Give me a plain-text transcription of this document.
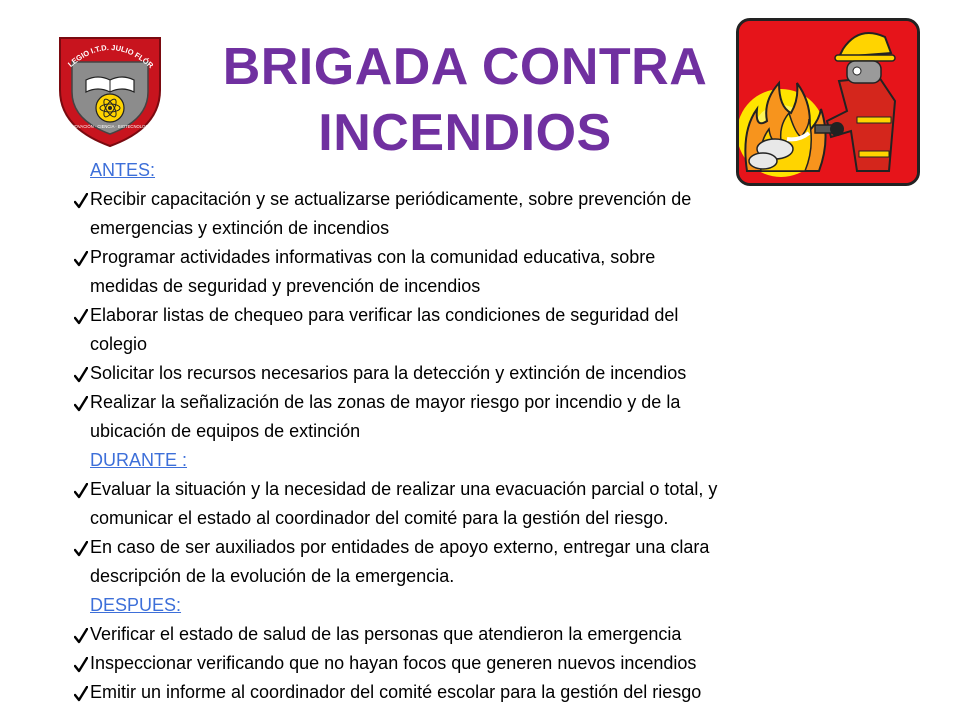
LEGIO I.T.D. JULIO FLÓR
INNOVACIÓN · CIENCIA · BIOTECNOLOGÍA
BRIGADA CONTRA
INCENDIOS
ANTES:
Recibir capacitación y se actualizarse periódicamente, sobre prevención de
emergencias y extinción de incendios
Programar actividades informativas con la comunidad educativa, sobre
medidas de seguridad y prevención de incendios
Elaborar listas de chequeo para verificar las condiciones de seguridad del
colegio
Solicitar los recursos necesarios para la detección y extinción de incendios
Realizar la señalización de las zonas de mayor riesgo por incendio y de la
ubicación de equipos de extinción
DURANTE :
Evaluar la situación y la necesidad de realizar una evacuación parcial o total, y
comunicar el estado al coordinador del comité para la gestión del riesgo.
En caso de ser auxiliados por entidades de apoyo externo, entregar una clara
descripción de la evolución de la emergencia.
DESPUES:
Verificar el estado de salud de las personas que atendieron la emergencia
Inspeccionar verificando que no hayan focos que generen nuevos incendios
Emitir un informe al coordinador del comité escolar para la gestión del riesgo
